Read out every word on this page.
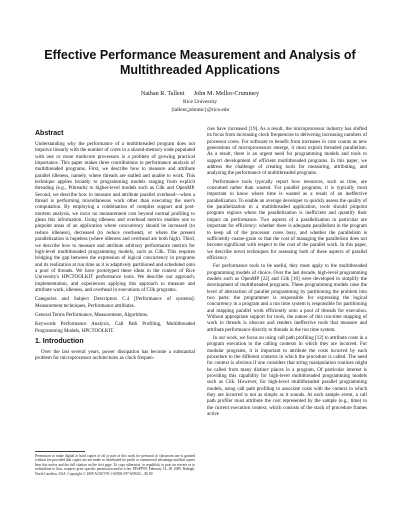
Effective Performance Measurement and Analysis of
Multithreaded Applications
Nathan R. Tallent      John M. Mellor-Crummey
Rice University
{tallent,johnmc}@rice.edu
Abstract

Understanding why the performance of a multithreaded program does not improve linearly with the number of cores in a shared-memory node populated with one or more multicore processors is a problem of growing practical importance. This paper makes three contributions to performance analysis of multithreaded programs. First, we describe how to measure and attribute parallel idleness, namely, where threads are stalled and unable to work. This technique applies broadly to programming models ranging from explicit threading (e.g., Pthreads) to higher-level models such as Cilk and OpenMP. Second, we describe how to measure and attribute parallel overhead—when a thread is performing miscellaneous work other than executing the user's computation. By employing a combination of compiler support and post-mortem analysis, we incur no measurement cost beyond normal profiling to glean this information. Using idleness and overhead metrics enables one to pinpoint areas of an application where concurrency should be increased (to reduce idleness), decreased (to reduce overhead), or where the present parallelization is hopeless (where idleness and overhead are both high). Third, we describe how to measure and attribute arbitrary performance metrics for high-level multithreaded programming models, such as Cilk. This requires bridging the gap between the expression of logical concurrency in programs and its realization at run time as it is adaptively partitioned and scheduled onto a pool of threads. We have prototyped these ideas in the context of Rice University's HPCTOOLKIT performance tools. We describe our approach, implementation, and experiences applying this approach to measure and attribute work, idleness, and overhead in executions of Cilk programs.

Categories and Subject Descriptors C.4 [Performance of systems]: Measurement techniques, Performance attributes.

General Terms Performance, Measurement, Algorithms.

Keywords Performance Analysis, Call Path Profiling, Multithreaded Programming Models, HPCTOOLKIT.

1. Introduction

Over the last several years, power dissipation has become a substantial problem for microprocessor architectures as clock frequen-

Permission to make digital or hard copies of all or part of this work for personal or classroom use is granted without fee provided that copies are not made or distributed for profit or commercial advantage and that copies bear this notice and the full citation on the first page. To copy otherwise, to republish, to post on servers or to redistribute to lists, requires prior specific permission and/or a fee. PPoPP'09, February 14–18, 2009, Raleigh, North Carolina, USA. Copyright © 2009 ACM 978-1-60558-397-6/09/02... $5.00

cies have increased [19]. As a result, the microprocessor industry has shifted its focus from increasing clock frequencies to delivering increasing numbers of processor cores. For software to benefit from increases in core counts as new generations of microprocessors emerge, it must exploit threaded parallelism. As a result, there is an urgent need for programming models and tools to support development of efficient multithreaded programs. In this paper, we address the challenge of creating tools for measuring, attributing, and analyzing the performance of multithreaded programs.

Performance tools typically report how resources, such as time, are consumed rather than wasted. For parallel programs, it is typically most important to know where time is wasted as a result of an ineffective parallelization. To enable an average developer to quickly assess the quality of the parallelization in a multithreaded application, tools should pinpoint program regions where the parallelization is inefficient and quantify their impact on performance. Two aspects of a parallelization in particular are important for efficiency: whether there is adequate parallelism in the program to keep all of the processor cores busy, and whether the parallelism is sufficiently coarse-grain so that the cost of managing the parallelism does not become significant with respect to the cost of the parallel work. In this paper, we describe novel techniques for assessing both of these aspects of parallel efficiency.

For performance tools to be useful, they must apply to the multithreaded programming models of choice. Over the last decade, high-level programming models such as OpenMP [22] and Cilk [10] were developed to simplify the development of multithreaded programs. These programming models raise the level of abstraction of parallel programming by partitioning the problem into two parts: the programmer is responsible for expressing the logical concurrency in a program and a run time system is responsible for partitioning and mapping parallel work efficiently onto a pool of threads for execution. Without appropriate support for tools, the nature of this run-time mapping of work to threads is obscure and renders ineffective tools that measure and attribute performance directly to threads in the run time system.

In our work, we focus on using call path profiling [12] to attribute costs in a program execution to the calling contexts in which they are incurred. For modular programs, it is important to attribute the costs incurred by each procedure to the different contexts in which the procedure is called. The need for context is obvious if one considers that string manipulation routines might be called from many distinct places in a program. Of particular interest is providing this capability for high-level multithreaded programming models such as Cilk. However, for high-level multithreaded parallel programming models, using call path profiling to associate costs with the context in which they are incurred is not as simple as it sounds. At each sample event, a call path profiler must attribute the cost represented by the sample (e.g., time) to the current execution context, which consists of the stack of procedure frames active
